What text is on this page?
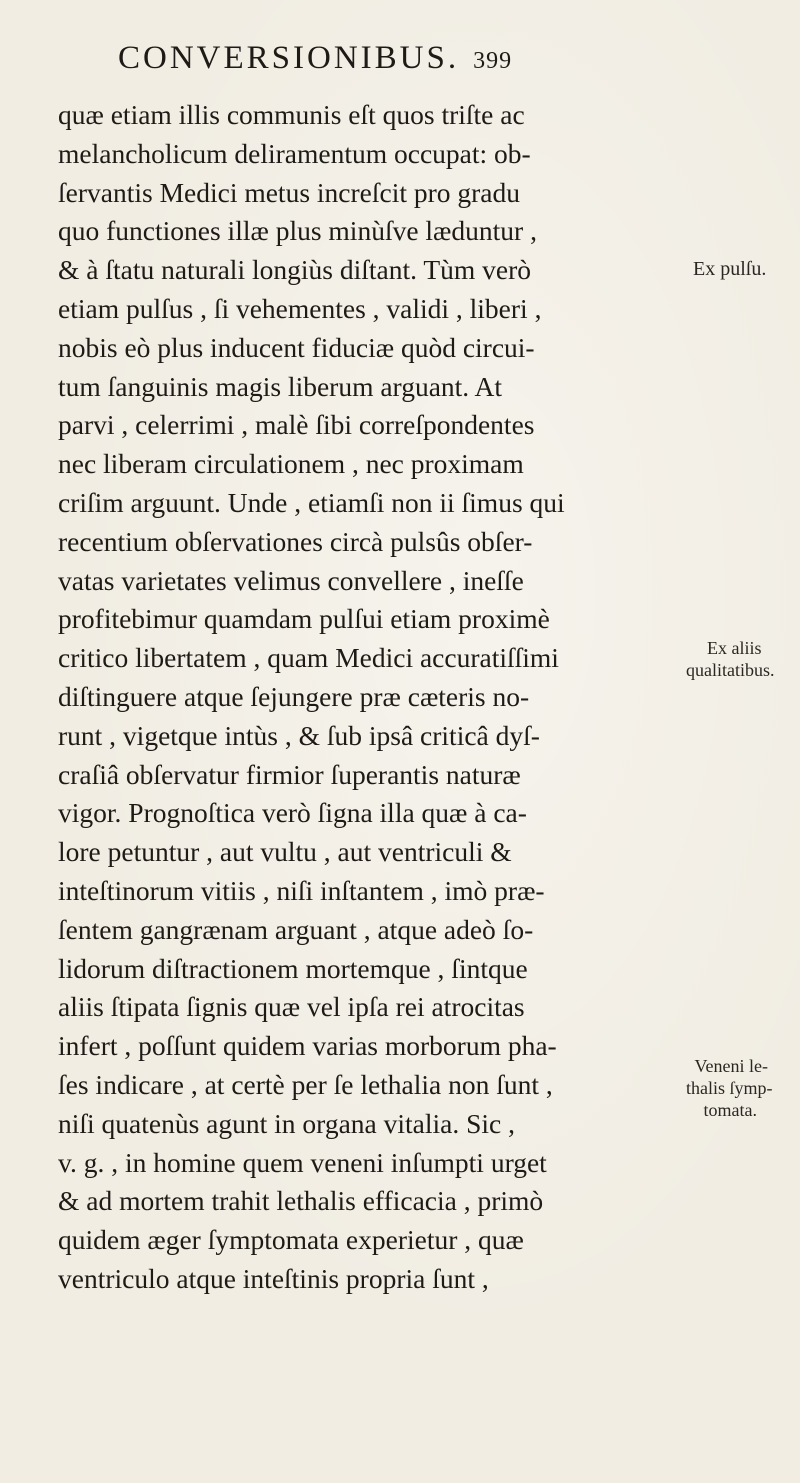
CONVERSIONIBUS. 399
quæ etiam illis communis eſt quos triſte ac
melancholicum deliramentum occupat: ob-
ſervantis Medici metus increſcit pro gradu
quo functiones illæ plus minùſve læduntur ,
& à ſtatu naturali longiùs diſtant. Tùm verò
etiam pulſus , ſi vehementes , validi , liberi ,
nobis eò plus inducent fiduciæ quòd circui-
tum ſanguinis magis liberum arguant. At
parvi , celerrimi , malè ſibi correſpondentes
nec liberam circulationem , nec proximam
criſim arguunt. Unde , etiamſi non ii ſimus qui
recentium obſervationes circà pulsûs obſer-
vatas varietates velimus convellere , ineſſe
profitebimur quamdam pulſui etiam proximè
critico libertatem , quam Medici accuratiſſimi
diſtinguere atque ſejungere præ cæteris no-
runt , vigetque intùs , & ſub ipsâ criticâ dyſ-
craſiâ obſervatur firmior ſuperantis naturæ
vigor. Prognoſtica verò ſigna illa quæ à ca-
lore petuntur , aut vultu , aut ventriculi &
inteſtinorum vitiis , niſi inſtantem , imò præ-
ſentem gangrænam arguant , atque adeò ſo-
lidorum diſtractionem mortemque , ſintque
aliis ſtipata ſignis quæ vel ipſa rei atrocitas
infert , poſſunt quidem varias morborum pha-
ſes indicare , at certè per ſe lethalia non ſunt ,
niſi quatenùs agunt in organa vitalia. Sic ,
v. g. , in homine quem veneni inſumpti urget
& ad mortem trahit lethalis efficacia , primò
quidem æger ſymptomata experietur , quæ
ventriculo atque inteſtinis propria ſunt ,
Ex pulſu.
Ex aliis
qualitatibus.
Veneni le-
thalis ſymp-
tomata.
